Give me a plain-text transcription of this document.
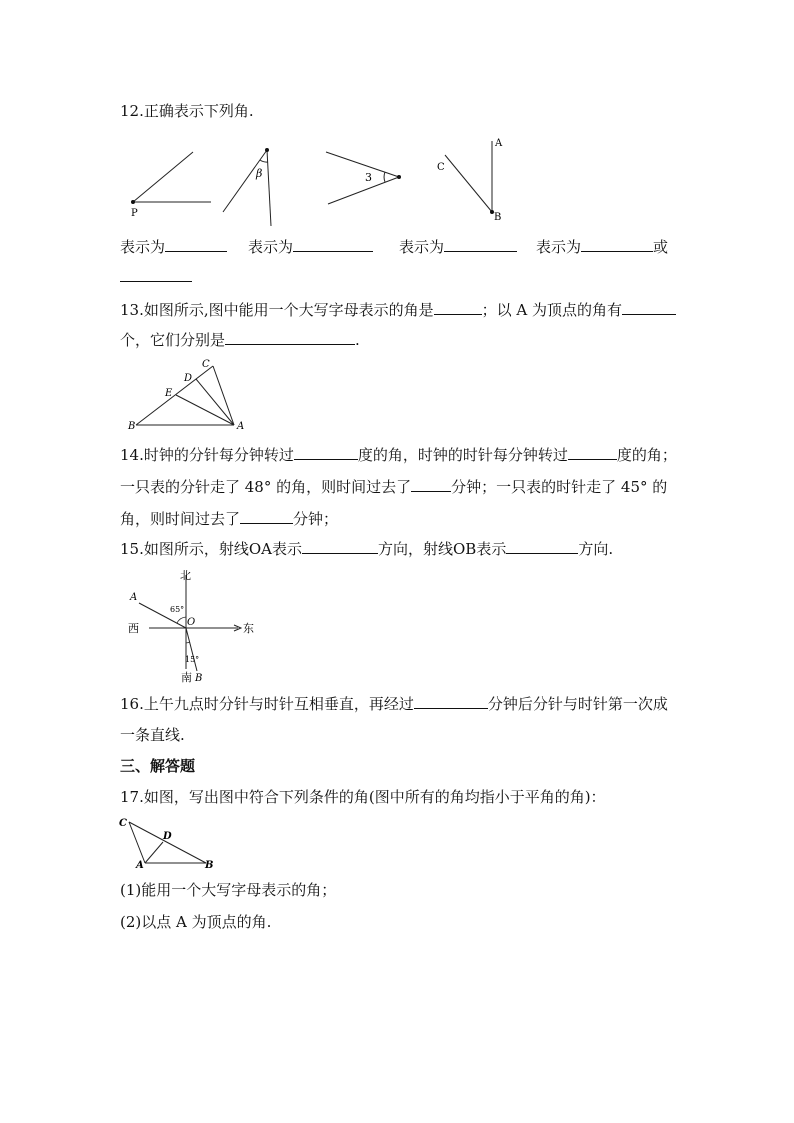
12.正确表示下列角.
P
β	3
C
A
B
表示为	表示为	表示为	表示为	或
13.如图所示,图中能用一个大写字母表示的角是	；以 A 为顶点的角有
个，它们分别是	.
C
D
E
B	A
14.时钟的分针每分钟转过	度的角，时钟的时针每分钟转过	度的角；
一只表的分针走了 48° 的角，则时间过去了	分钟；一只表的时针走了 45° 的
角，则时间过去了	分钟；
15.如图所示，射线OA表示	方向，射线OB表示	方向.
北
南
东
西
A
B
O
65°
15°
16.上午九点时分针与时针互相垂直，再经过	分钟后分针与时针第一次成
一条直线.
三、解答题
17.如图，写出图中符合下列条件的角(图中所有的角均指小于平角的角)：
C
D
A	B
(1)能用一个大写字母表示的角；
(2)以点 A 为顶点的角.
